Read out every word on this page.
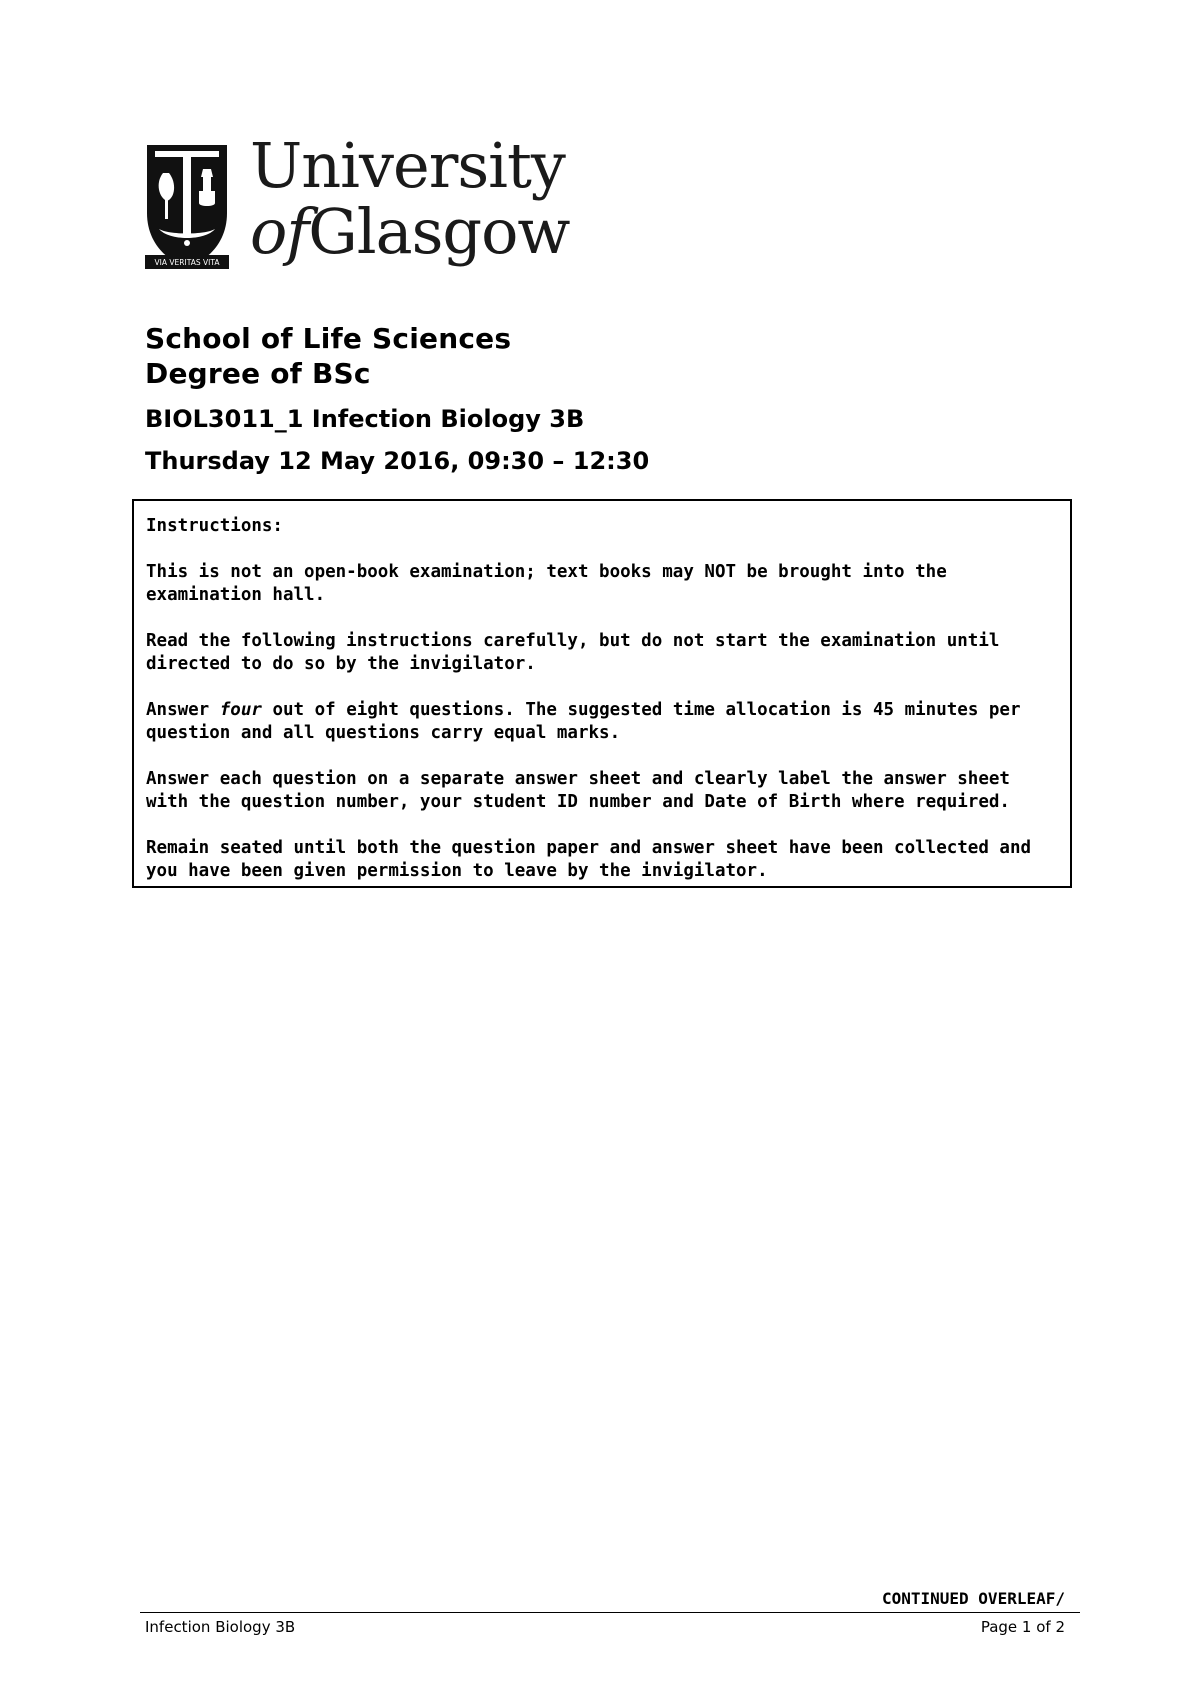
VIA VERITAS VITA
University
ofGlasgow
School of Life Sciences
Degree of BSc
BIOL3011_1 Infection Biology 3B
Thursday 12 May 2016, 09:30 – 12:30

Instructions:

This is not an open-book examination; text books may NOT be brought into the examination hall.

Read the following instructions carefully, but do not start the examination until directed to do so by the invigilator.

Answer four out of eight questions. The suggested time allocation is 45 minutes per question and all questions carry equal marks.

Answer each question on a separate answer sheet and clearly label the answer sheet with the question number, your student ID number and Date of Birth where required.

Remain seated until both the question paper and answer sheet have been collected and you have been given permission to leave by the invigilator.

CONTINUED OVERLEAF/
Infection Biology 3B	Page 1 of 2
